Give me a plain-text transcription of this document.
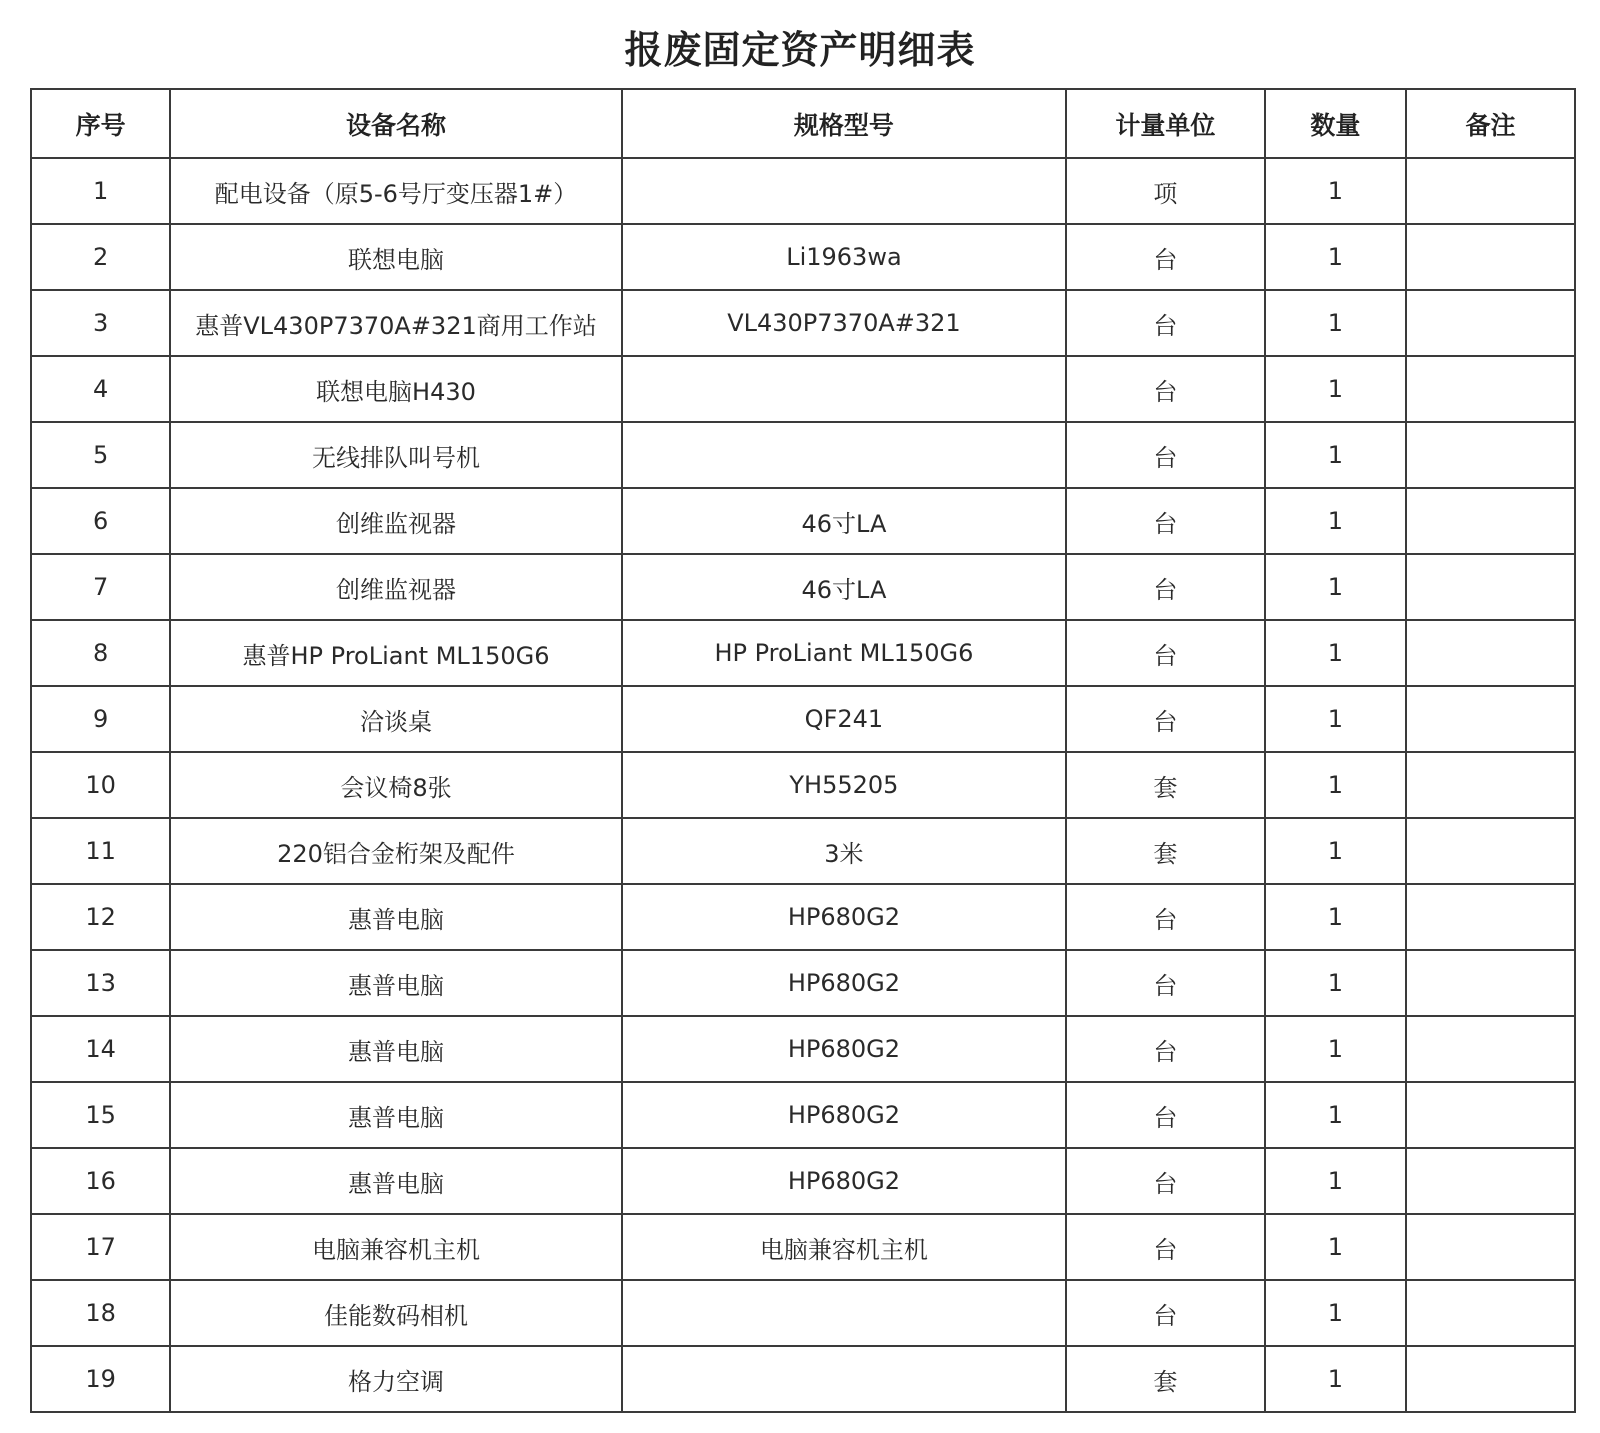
报废固定资产明细表
序号	设备名称	规格型号	计量单位	数量	备注
1	配电设备（原5-6号厅变压器1#）		项	1	
2	联想电脑	Li1963wa	台	1	
3	惠普VL430P7370A#321商用工作站	VL430P7370A#321	台	1	
4	联想电脑H430		台	1	
5	无线排队叫号机		台	1	
6	创维监视器	46寸LA	台	1	
7	创维监视器	46寸LA	台	1	
8	惠普HP ProLiant ML150G6	HP ProLiant ML150G6	台	1	
9	洽谈桌	QF241	台	1	
10	会议椅8张	YH55205	套	1	
11	220铝合金桁架及配件	3米	套	1	
12	惠普电脑	HP680G2	台	1	
13	惠普电脑	HP680G2	台	1	
14	惠普电脑	HP680G2	台	1	
15	惠普电脑	HP680G2	台	1	
16	惠普电脑	HP680G2	台	1	
17	电脑兼容机主机	电脑兼容机主机	台	1	
18	佳能数码相机		台	1	
19	格力空调		套	1	
